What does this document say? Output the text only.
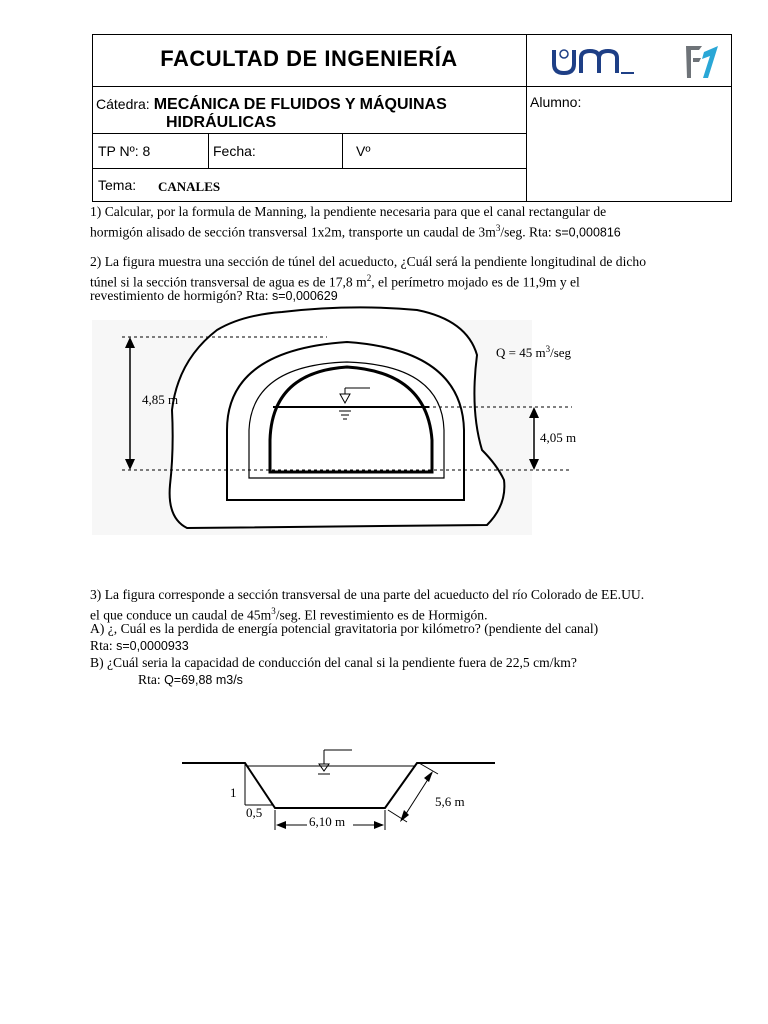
FACULTAD DE INGENIERÍA
Cátedra: MECÁNICA DE FLUIDOS Y MÁQUINAS
HIDRÁULICAS
Alumno:
TP Nº: 8	Fecha:	Vº
Tema: CANALES
1) Calcular, por la formula de Manning, la pendiente necesaria para que el canal rectangular de
hormigón alisado de sección transversal 1x2m, transporte un caudal de $3m^3$/seg. Rta: s=0,000816
2) La figura muestra una sección de túnel del acueducto, ¿Cuál será la pendiente longitudinal de dicho
túnel si la sección transversal de agua es de 17,8 $m^2$, el perímetro mojado es de 11,9m y el
revestimiento de hormigón? Rta: s=0,000629
4,85 m
4,05 m
Q = 45 $m^3$/seg
3) La figura corresponde a sección transversal de una parte del acueducto del río Colorado de EE.UU.
el que conduce un caudal de $45m^3$/seg. El revestimiento es de Hormigón.
A) ¿, Cuál es la perdida de energía potencial gravitatoria por kilómetro? (pendiente del canal)
Rta: s=0,0000933
B) ¿Cuál seria la capacidad de conducción del canal si la pendiente fuera de 22,5 cm/km?
Rta: Q=69,88 m3/s
1
0,5
6,10 m
5,6 m
